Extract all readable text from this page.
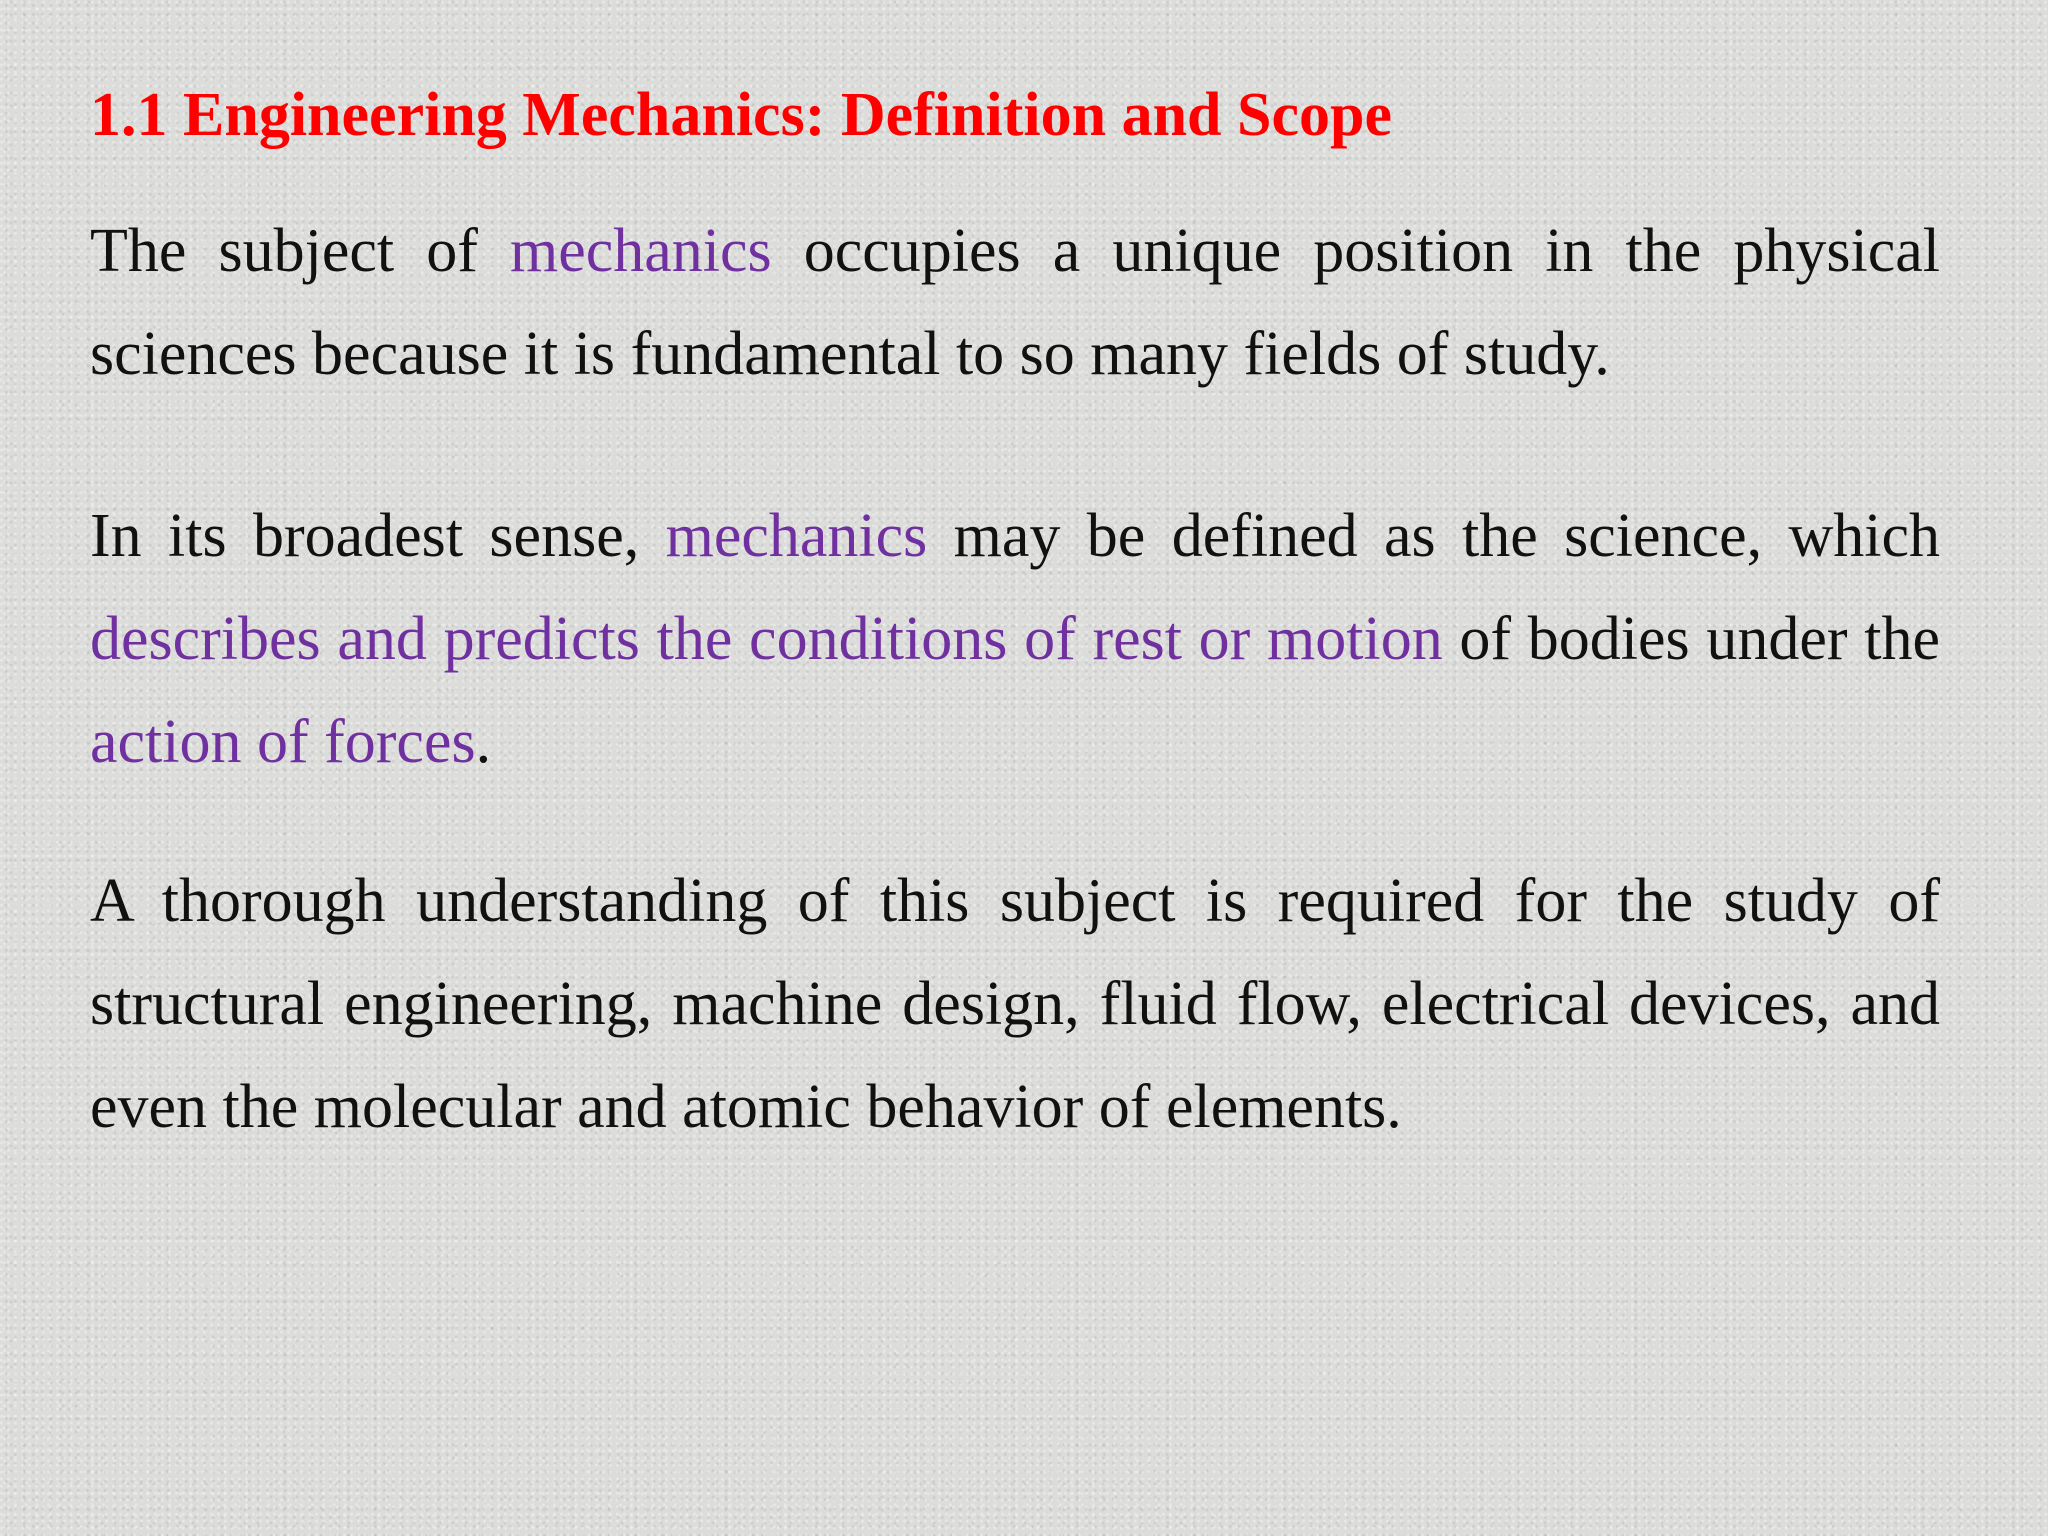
1.1 Engineering Mechanics: Definition and Scope

The subject of mechanics occupies a unique position in the physical sciences because it is fundamental to so many fields of study.

In its broadest sense, mechanics may be defined as the science, which describes and predicts the conditions of rest or motion of bodies under the action of forces.

A thorough understanding of this subject is required for the study of structural engineering, machine design, fluid flow, electrical devices, and even the molecular and atomic behavior of elements.
